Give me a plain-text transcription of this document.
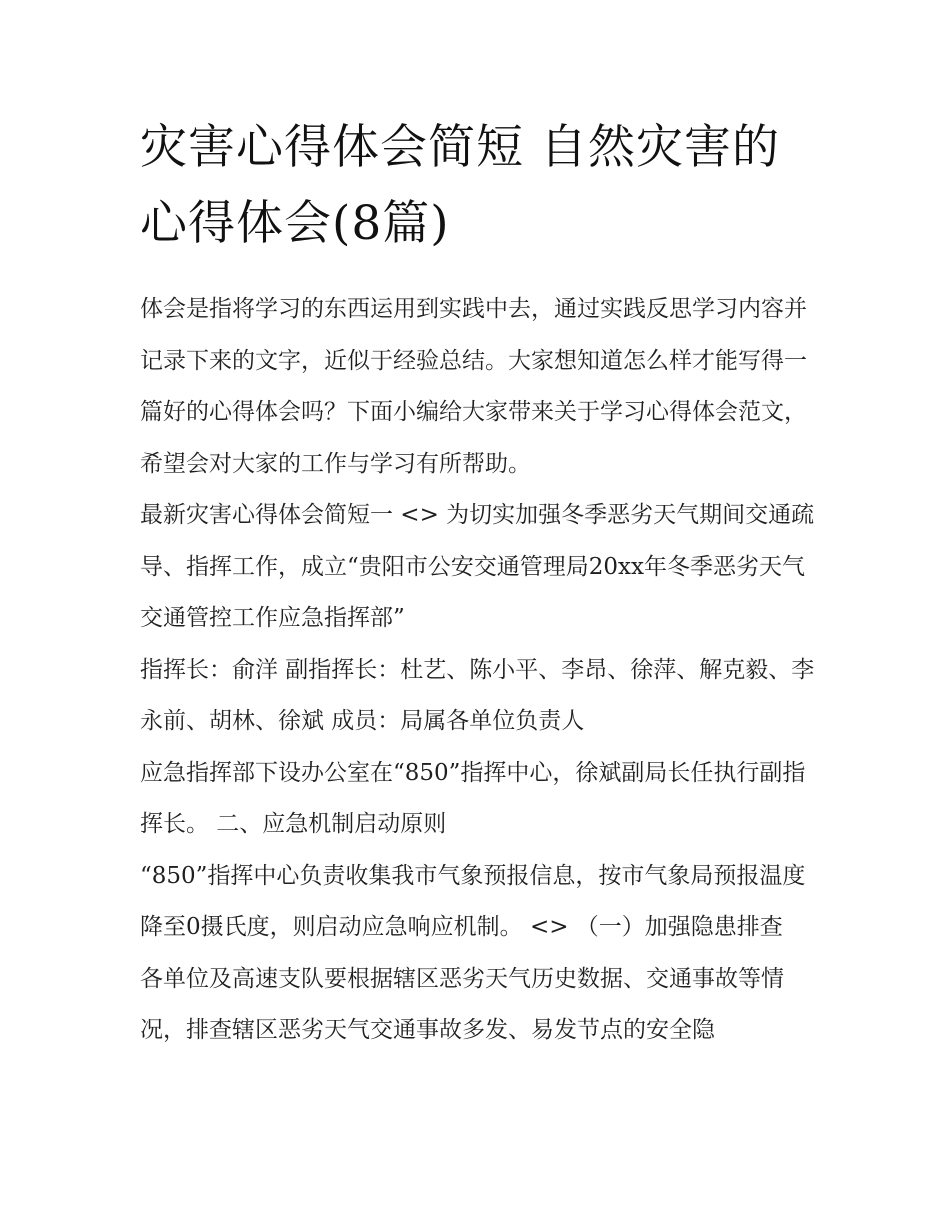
灾害心得体会简短 自然灾害的心得体会(8篇)

体会是指将学习的东西运用到实践中去，通过实践反思学习内容并记录下来的文字，近似于经验总结。大家想知道怎么样才能写得一篇好的心得体会吗？下面小编给大家带来关于学习心得体会范文，希望会对大家的工作与学习有所帮助。

最新灾害心得体会简短一 <> 为切实加强冬季恶劣天气期间交通疏导、指挥工作，成立“贵阳市公安交通管理局20xx年冬季恶劣天气交通管控工作应急指挥部”

指挥长：俞洋 副指挥长：杜艺、陈小平、李昂、徐萍、解克毅、李永前、胡林、徐斌 成员：局属各单位负责人

应急指挥部下设办公室在“850”指挥中心，徐斌副局长任执行副指挥长。 二、应急机制启动原则

“850”指挥中心负责收集我市气象预报信息，按市气象局预报温度降至0摄氏度，则启动应急响应机制。 <> （一）加强隐患排查

各单位及高速支队要根据辖区恶劣天气历史数据、交通事故等情况，排查辖区恶劣天气交通事故多发、易发节点的安全隐
